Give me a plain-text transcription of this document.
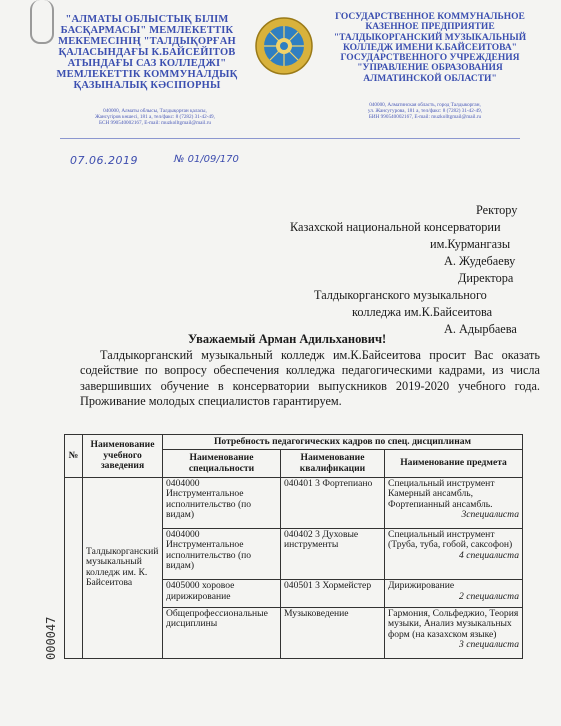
"АЛМАТЫ ОБЛЫСТЫҚ БІЛІМ
БАСҚАРМАСЫ" МЕМЛЕКЕТТІК
МЕКЕМЕСІНІҢ "ТАЛДЫҚОРҒАН
ҚАЛАСЫНДАҒЫ К.БАЙСЕЙІТОВ
АТЫНДАҒЫ САЗ КОЛЛЕДЖІ"
МЕМЛЕКЕТТІК КОММУНАЛДЫҚ
ҚАЗЫНАЛЫҚ КӘСІПОРНЫ
ГОСУДАРСТВЕННОЕ КОММУНАЛЬНОЕ
КАЗЕННОЕ ПРЕДПРИЯТИЕ
"ТАЛДЫКОРГАНСКИЙ МУЗЫКАЛЬНЫЙ
КОЛЛЕДЖ ИМЕНИ К.БАЙСЕИТОВА"
ГОСУДАРСТВЕННОГО УЧРЕЖДЕНИЯ
"УПРАВЛЕНИЕ ОБРАЗОВАНИЯ
АЛМАТИНСКОЙ ОБЛАСТИ"
040000, Алматы облысы, Талдықорған қаласы,
Жансүгіров көшесі, 181 а, тел/факс: 8 (7282) 31-42-49,
БСН 990540002167, E-mail: muzkolltgmail@mail.ru
040000, Алматинская область, город Талдыкорган,
ул. Жансугурова, 181 а, тел/факс: 8 (7282) 31-42-49,
БИН 990540002167, E-mail: muzkolltgmail@mail.ru
07.06.2019	№ 01/09/170
Ректору
Казахской национальной консерватории
им.Курмангазы
А. Жудебаеву
Директора
Талдыкорганского музыкального
колледжа им.К.Байсеитова
А. Адырбаева
Уважаемый Арман Адильханович!
Талдыкорганский музыкальный колледж им.К.Байсеитова просит Вас оказать содействие по вопросу обеспечения колледжа педагогическими кадрами, из числа завершивших обучение в консерватории выпускников 2019-2020 учебного года. Проживание молодых специалистов гарантируем.
№	Наименование учебного заведения	Потребность педагогических кадров по спец. дисциплинам		
		Наименование специальности	Наименование квалификации	Наименование предмета
	Талдыкорганский музыкальный колледж им. К. Байсеитова	0404000 Инструментальное исполнительство (по видам)	040401 3 Фортепиано	Специальный инструмент Камерный ансамбль, Фортепианный ансамбль.
3специалиста

		0404000 Инструментальное исполнительство (по видам)	040402 3 Духовые инструменты	Специальный инструмент (Труба, туба, гобой, саксофон)
4 специалиста

		0405000 хоровое дирижирование	040501 3 Хормейстер	Дирижирование
2 специалиста

		Общепрофессиональные дисциплины	Музыковедение	Гармония, Сольфеджио, Теория музыки, Анализ музыкальных форм (на казахском языке)
3 специалиста
000047
